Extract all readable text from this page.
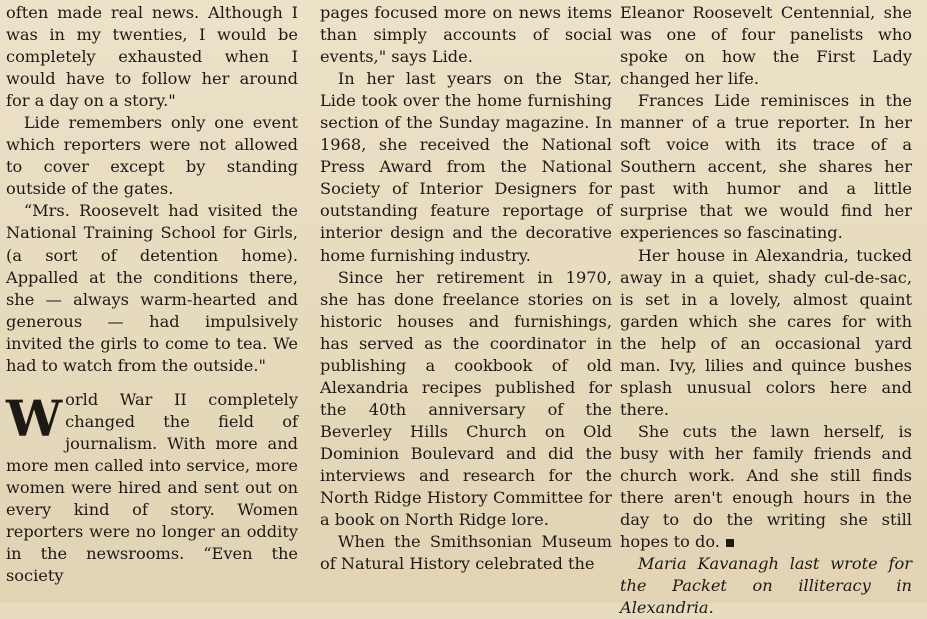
often made real news. Although I was in my twenties, I would be completely exhausted when I would have to follow her around for a day on a story."

Lide remembers only one event which reporters were not allowed to cover except by standing outside of the gates.

“Mrs. Roosevelt had visited the National Training School for Girls, (a sort of detention home). Appalled at the conditions there, she — always warm-hearted and generous — had impulsively invited the girls to come to tea. We had to watch from the outside."

World War II completely changed the field of journalism. With more and more men called into service, more women were hired and sent out on every kind of story. Women reporters were no longer an oddity in the newsrooms. “Even the society

pages focused more on news items than simply accounts of social events," says Lide.

In her last years on the Star, Lide took over the home furnishing section of the Sunday magazine. In 1968, she received the National Press Award from the National Society of Interior Designers for outstanding feature reportage of interior design and the decorative home furnishing industry.

Since her retirement in 1970, she has done freelance stories on historic houses and furnishings, has served as the coordinator in publishing a cookbook of old Alexandria recipes published for the 40th anniversary of the Beverley Hills Church on Old Dominion Boulevard and did the interviews and research for the North Ridge History Committee for a book on North Ridge lore.

When the Smithsonian Museum of Natural History celebrated the

Eleanor Roosevelt Centennial, she was one of four panelists who spoke on how the First Lady changed her life.

Frances Lide reminisces in the manner of a true reporter. In her soft voice with its trace of a Southern accent, she shares her past with humor and a little surprise that we would find her experiences so fascinating.

Her house in Alexandria, tucked away in a quiet, shady cul-de-sac, is set in a lovely, almost quaint garden which she cares for with the help of an occasional yard man. Ivy, lilies and quince bushes splash unusual colors here and there.

She cuts the lawn herself, is busy with her family friends and church work. And she still finds there aren't enough hours in the day to do the writing she still hopes to do.

Maria Kavanagh last wrote for the Packet on illiteracy in Alexandria.
